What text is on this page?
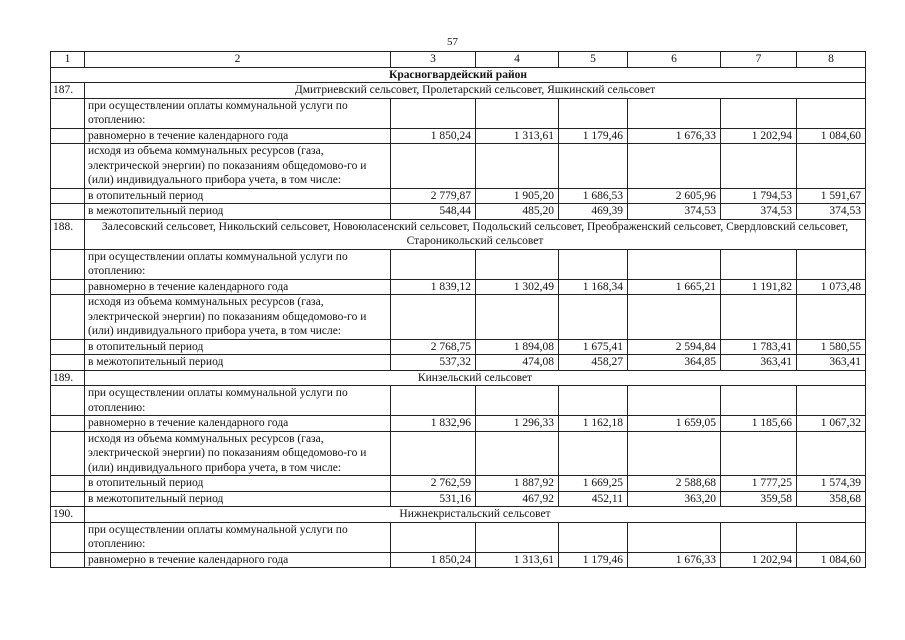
57
1	2	3	4	5	6	7	8
Красногвардейский район							
187.	Дмитриевский сельсовет, Пролетарский сельсовет, Яшкинский сельсовет						
	при осуществлении оплаты коммунальной услуги по отоплению:						
	равномерно в течение календарного года	1 850,24	1 313,61	1 179,46	1 676,33	1 202,94	1 084,60
	исходя из объема коммунальных ресурсов (газа, электрической энергии) по показаниям общедомово-го и (или) индивидуального прибора учета, в том числе:						
	в отопительный период	2 779,87	1 905,20	1 686,53	2 605,96	1 794,53	1 591,67
	в межотопительный период	548,44	485,20	469,39	374,53	374,53	374,53
188.	Залесовский сельсовет, Никольский сельсовет, Новоюласенский сельсовет, Подольский сельсовет, Преображенский сельсовет, Свердловский сельсовет, Староникольский сельсовет						
	при осуществлении оплаты коммунальной услуги по отоплению:						
	равномерно в течение календарного года	1 839,12	1 302,49	1 168,34	1 665,21	1 191,82	1 073,48
	исходя из объема коммунальных ресурсов (газа, электрической энергии) по показаниям общедомово-го и (или) индивидуального прибора учета, в том числе:						
	в отопительный период	2 768,75	1 894,08	1 675,41	2 594,84	1 783,41	1 580,55
	в межотопительный период	537,32	474,08	458,27	364,85	363,41	363,41
189.	Кинзельский сельсовет						
	при осуществлении оплаты коммунальной услуги по отоплению:						
	равномерно в течение календарного года	1 832,96	1 296,33	1 162,18	1 659,05	1 185,66	1 067,32
	исходя из объема коммунальных ресурсов (газа, электрической энергии) по показаниям общедомово-го и (или) индивидуального прибора учета, в том числе:						
	в отопительный период	2 762,59	1 887,92	1 669,25	2 588,68	1 777,25	1 574,39
	в межотопительный период	531,16	467,92	452,11	363,20	359,58	358,68
190.	Нижнекристальский сельсовет						
	при осуществлении оплаты коммунальной услуги по отоплению:						
	равномерно в течение календарного года	1 850,24	1 313,61	1 179,46	1 676,33	1 202,94	1 084,60
